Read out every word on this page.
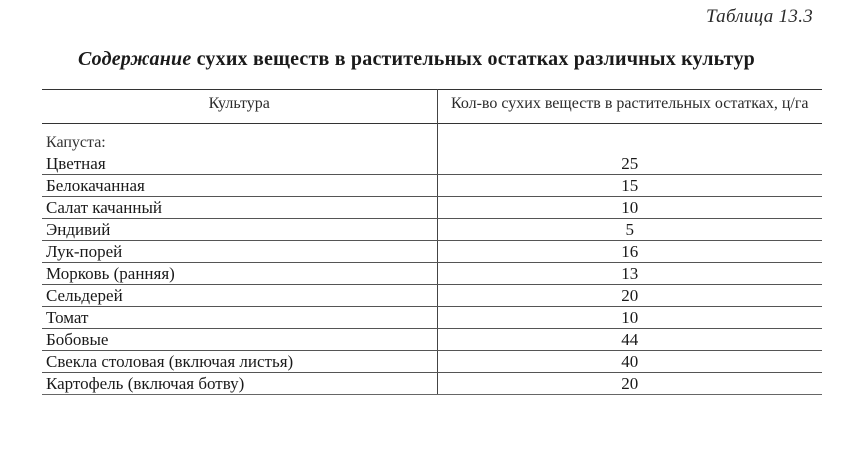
Таблица 13.3
Содержание сухих веществ в растительных остатках различных культур
Культура	Кол-во сухих веществ в растительных остатках, ц/га
Капуста:	
Цветная	25
Белокачанная	15
Салат качанный	10
Эндивий	5
Лук-порей	16
Морковь (ранняя)	13
Сельдерей	20
Томат	10
Бобовые	44
Свекла столовая (включая листья)	40
Картофель (включая ботву)	20
